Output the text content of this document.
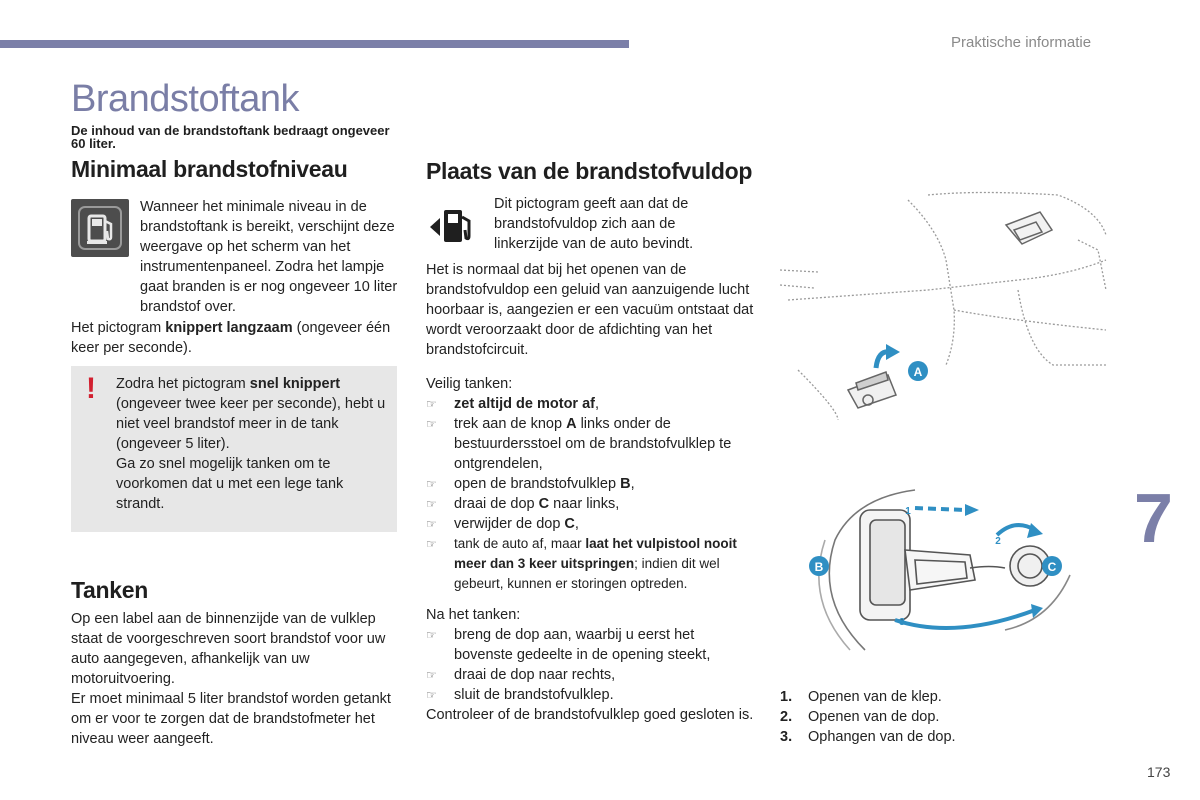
Praktische informatie
Brandstoftank
De inhoud van de brandstoftank bedraagt ongeveer 60 liter.
Minimaal brandstofniveau
Wanneer het minimale niveau in de brandstoftank is bereikt, verschijnt deze weergave op het scherm van het instrumentenpaneel. Zodra het lampje gaat branden is er nog ongeveer 10 liter brandstof over.
Het pictogram knippert langzaam (ongeveer één keer per seconde).
! Zodra het pictogram snel knippert (ongeveer twee keer per seconde), hebt u niet veel brandstof meer in de tank (ongeveer 5 liter).
Ga zo snel mogelijk tanken om te voorkomen dat u met een lege tank strandt.
Tanken
Op een label aan de binnenzijde van de vulklep staat de voorgeschreven soort brandstof voor uw auto aangegeven, afhankelijk van uw motoruitvoering.
Er moet minimaal 5 liter brandstof worden getankt om er voor te zorgen dat de brandstofmeter het niveau weer aangeeft.
Plaats van de brandstofvuldop
Dit pictogram geeft aan dat de brandstofvuldop zich aan de linkerzijde van de auto bevindt.
Het is normaal dat bij het openen van de brandstofvuldop een geluid van aanzuigende lucht hoorbaar is, aangezien er een vacuüm ontstaat dat wordt veroorzaakt door de afdichting van het brandstofcircuit.
Veilig tanken:
☞ zet altijd de motor af,
☞ trek aan de knop A links onder de bestuurdersstoel om de brandstofvulklep te ontgrendelen,
☞ open de brandstofvulklep B,
☞ draai de dop C naar links,
☞ verwijder de dop C,
☞ tank de auto af, maar laat het vulpistool nooit meer dan 3 keer uitspringen; indien dit wel gebeurt, kunnen er storingen optreden.
Na het tanken:
☞ breng de dop aan, waarbij u eerst het bovenste gedeelte in de opening steekt,
☞ draai de dop naar rechts,
☞ sluit de brandstofvulklep.
Controleer of de brandstofvulklep goed gesloten is.
A
B	C
1
2
3
1. Openen van de klep.
2. Openen van de dop.
3. Ophangen van de dop.
7
173
